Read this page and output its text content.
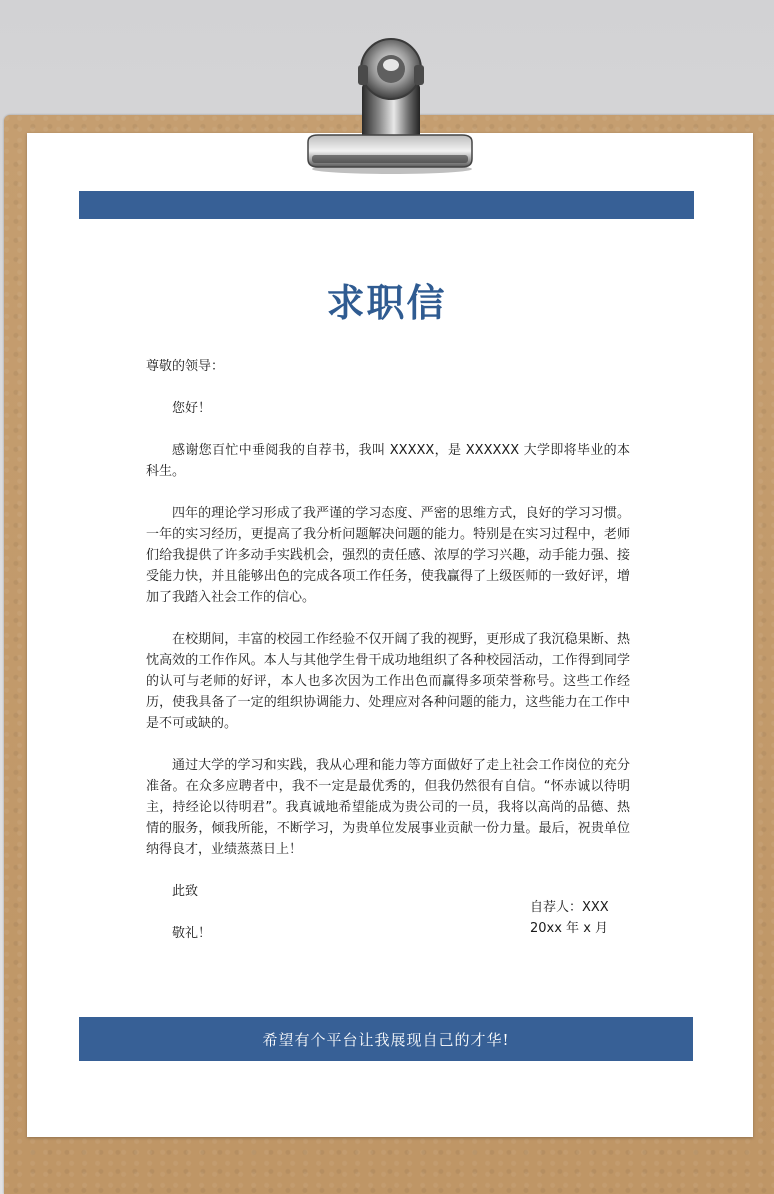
求职信
尊敬的领导：

您好！

感谢您百忙中垂阅我的自荐书，我叫 XXXXX，是 XXXXXX 大学即将毕业的本科生。

四年的理论学习形成了我严谨的学习态度、严密的思维方式，良好的学习习惯。一年的实习经历，更提高了我分析问题解决问题的能力。特别是在实习过程中，老师们给我提供了许多动手实践机会，强烈的责任感、浓厚的学习兴趣，动手能力强、接受能力快，并且能够出色的完成各项工作任务，使我赢得了上级医师的一致好评，增加了我踏入社会工作的信心。

在校期间，丰富的校园工作经验不仅开阔了我的视野，更形成了我沉稳果断、热忱高效的工作作风。本人与其他学生骨干成功地组织了各种校园活动，工作得到同学的认可与老师的好评，本人也多次因为工作出色而赢得多项荣誉称号。这些工作经历，使我具备了一定的组织协调能力、处理应对各种问题的能力，这些能力在工作中是不可或缺的。

通过大学的学习和实践，我从心理和能力等方面做好了走上社会工作岗位的充分准备。在众多应聘者中，我不一定是最优秀的，但我仍然很有自信。“怀赤诚以待明主，持经论以待明君”。我真诚地希望能成为贵公司的一员，我将以高尚的品德、热情的服务，倾我所能，不断学习，为贵单位发展事业贡献一份力量。最后，祝贵单位纳得良才，业绩蒸蒸日上！

此致

敬礼！

自荐人：XXX
20xx 年 x 月
希望有个平台让我展现自己的才华!
